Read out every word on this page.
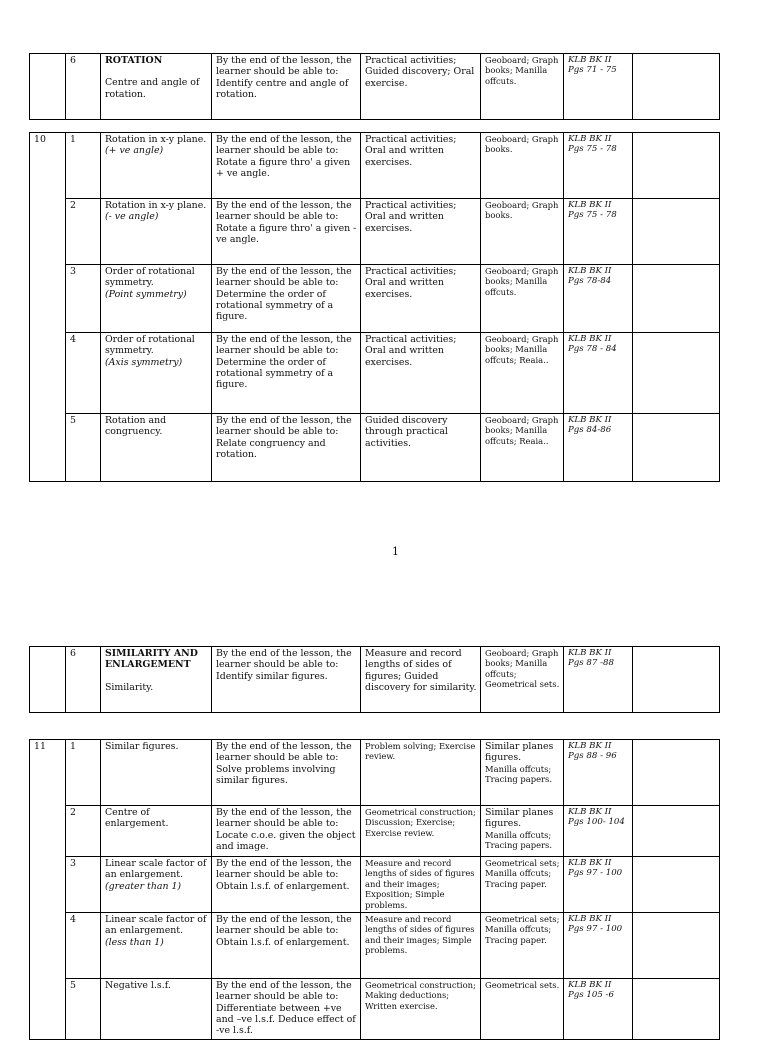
	6	ROTATION
Centre and angle of rotation.
	By the end of the lesson, the learner should be able to: Identify centre and angle of rotation.	Practical activities; Guided discovery; Oral exercise.	Geoboard; Graph books; Manilla offcuts.	KLB BK II Pgs 71 - 75	
10	1	Rotation in x-y plane.
(+ ve angle)	By the end of the lesson, the learner should be able to: Rotate a figure thro' a given + ve angle.	Practical activities; Oral and written exercises.	Geoboard; Graph books.	KLB BK II Pgs 75 - 78	
	2	Rotation in x-y plane.
(- ve angle)	By the end of the lesson, the learner should be able to: Rotate a figure thro' a given -ve angle.	Practical activities; Oral and written exercises.	Geoboard; Graph books.	KLB BK II Pgs 75 - 78	
	3	Order of rotational symmetry.
(Point symmetry)	By the end of the lesson, the learner should be able to: Determine the order of rotational symmetry of a figure.	Practical activities; Oral and written exercises.	Geoboard; Graph books; Manilla offcuts.	KLB BK II Pgs 78-84	
	4	Order of rotational symmetry.
(Axis symmetry)	By the end of the lesson, the learner should be able to: Determine the order of rotational symmetry of a figure.	Practical activities; Oral and written exercises.	Geoboard; Graph books; Manilla offcuts; Reaia..	KLB BK II Pgs 78 - 84	
	5	Rotation and congruency.	By the end of the lesson, the learner should be able to: Relate congruency and rotation.	Guided discovery through practical activities.	Geoboard; Graph books; Manilla offcuts; Reaia..	KLB BK II Pgs 84-86	
1
	6	SIMILARITY AND ENLARGEMENT
Similarity.
	By the end of the lesson, the learner should be able to: Identify similar figures.	Measure and record lengths of sides of figures; Guided discovery for similarity.	Geoboard; Graph books; Manilla offcuts; Geometrical sets.	KLB BK II Pgs 87 -88	
11	1	Similar figures.	By the end of the lesson, the learner should be able to: Solve problems involving similar figures.	Problem solving; Exercise review.	Similar planes figures.
Manilla offcuts; Tracing papers.	KLB BK II Pgs 88 - 96	
	2	Centre of enlargement.	By the end of the lesson, the learner should be able to: Locate c.o.e. given the object and image.	Geometrical construction; Discussion; Exercise; Exercise review.	Similar planes figures.
Manilla offcuts; Tracing papers.	KLB BK II Pgs 100- 104	
	3	Linear scale factor of an enlargement.
(greater than 1)	By the end of the lesson, the learner should be able to: Obtain l.s.f. of enlargement.	Measure and record lengths of sides of figures and their images; Exposition; Simple problems.	Geometrical sets; Manilla offcuts; Tracing paper.	KLB BK II Pgs 97 - 100	
	4	Linear scale factor of an enlargement.
(less than 1)	By the end of the lesson, the learner should be able to: Obtain l.s.f. of enlargement.	Measure and record lengths of sides of figures and their images; Simple problems.	Geometrical sets; Manilla offcuts; Tracing paper.	KLB BK II Pgs 97 - 100	
	5	Negative l.s.f.	By the end of the lesson, the learner should be able to: Differentiate between +ve and –ve l.s.f. Deduce effect of -ve l.s.f.	Geometrical construction; Making deductions; Written exercise.	Geometrical sets.	KLB BK II Pgs 105 -6	
